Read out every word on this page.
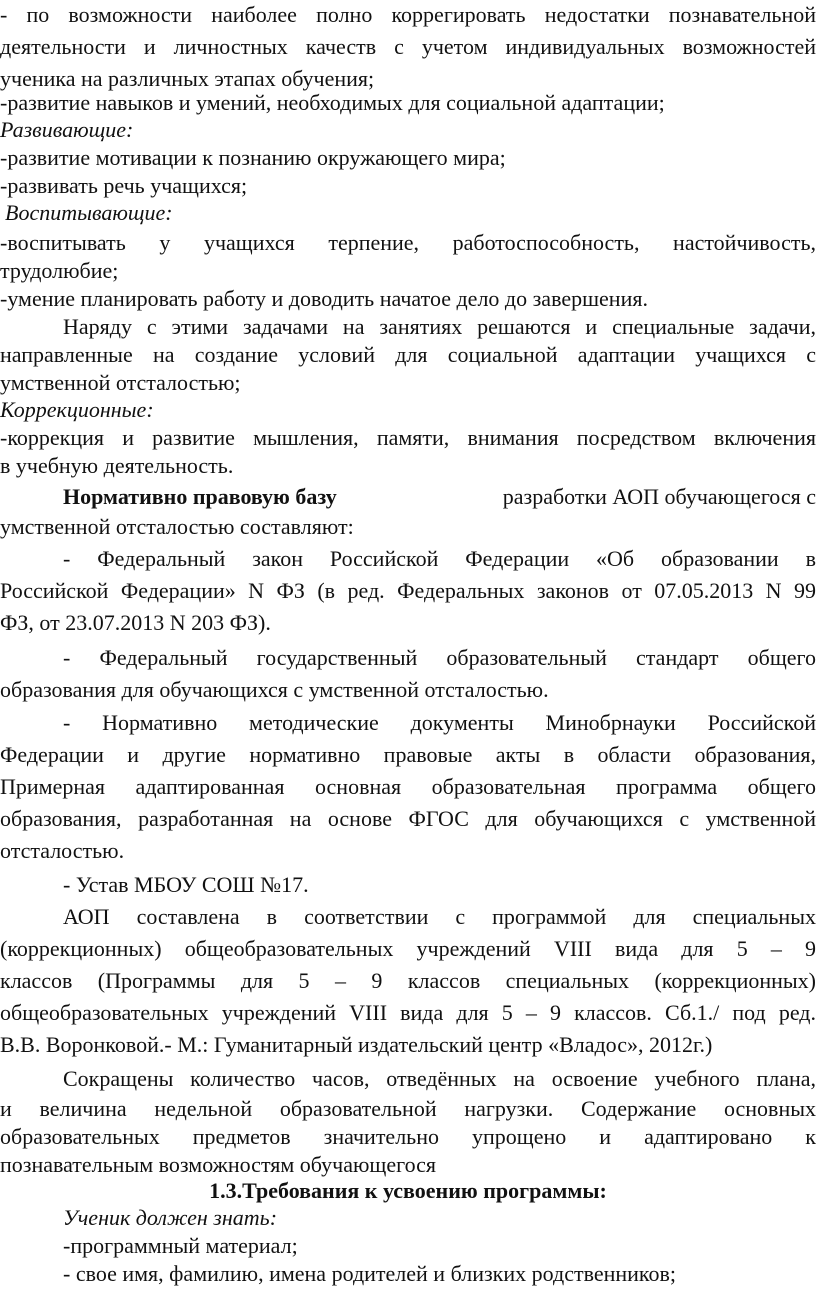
- по возможности наиболее полно коррегировать недостатки познавательной
деятельности и личностных качеств с учетом индивидуальных возможностей
ученика на различных этапах обучения;
-развитие навыков и умений, необходимых для социальной адаптации;
Развивающие:
-развитие мотивации к познанию окружающего мира;
-развивать речь учащихся;
Воспитывающие:
-воспитывать у учащихся терпение, работоспособность, настойчивость,
трудолюбие;
-умение планировать работу и доводить начатое дело до завершения.
Наряду с этими задачами на занятиях решаются и специальные задачи,
направленные на создание условий для социальной адаптации учащихся с
умственной отсталостью;
Коррекционные:
-коррекция и развитие мышления, памяти, внимания посредством включения
в учебную деятельность.
Нормативно правовую базу	разработки АОП обучающегося с
умственной отсталостью составляют:
- Федеральный закон Российской Федерации «Об образовании в
Российской Федерации» N ФЗ (в ред. Федеральных законов от 07.05.2013 N 99
ФЗ, от 23.07.2013 N 203 ФЗ).
- Федеральный государственный образовательный стандарт общего
образования для обучающихся с умственной отсталостью.
- Нормативно методические документы Минобрнауки Российской
Федерации и другие нормативно правовые акты в области образования,
Примерная адаптированная основная образовательная программа общего
образования, разработанная на основе ФГОС для обучающихся с умственной
отсталостью.
- Устав МБОУ СОШ №17.
АОП составлена в соответствии с программой для специальных
(коррекционных) общеобразовательных учреждений VIII вида для 5 – 9
классов (Программы для 5 – 9 классов специальных (коррекционных)
общеобразовательных учреждений VIII вида для 5 – 9 классов. Сб.1./ под ред.
В.В. Воронковой.- М.: Гуманитарный издательский центр «Владос», 2012г.)
Сокращены количество часов, отведённых на освоение учебного плана,
и величина недельной образовательной нагрузки. Содержание основных
образовательных предметов значительно упрощено и адаптировано к
познавательным возможностям обучающегося
1.3.Требования к усвоению программы:
Ученик должен знать:
-программный материал;
- свое имя, фамилию, имена родителей и близких родственников;
